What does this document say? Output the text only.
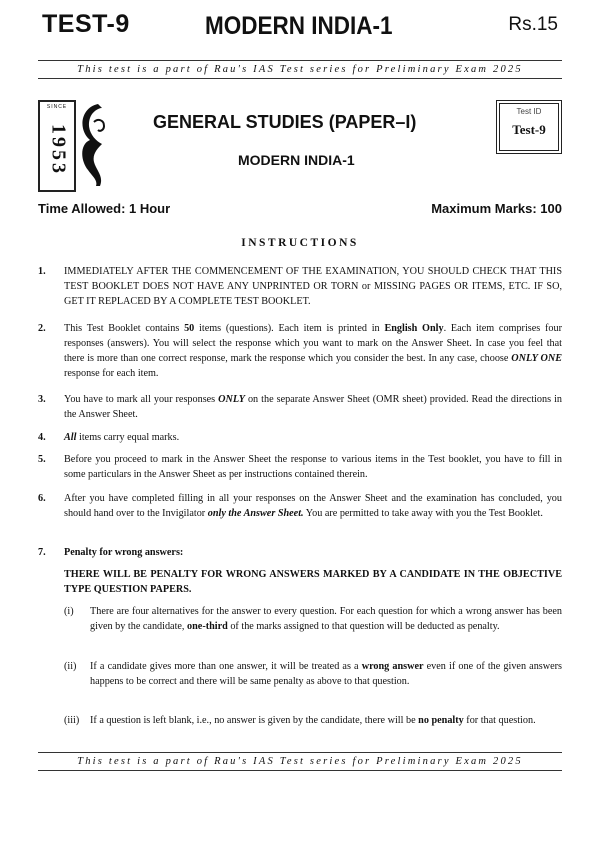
TEST-9	MODERN INDIA-1	Rs.15
This test is a part of Rau's IAS Test series for Preliminary Exam 2025
SINCE
1953
GENERAL STUDIES (PAPER–I)
MODERN INDIA-1
Test ID
Test-9
Time Allowed: 1 Hour	Maximum Marks: 100
INSTRUCTIONS
1. IMMEDIATELY AFTER THE COMMENCEMENT OF THE EXAMINATION, YOU SHOULD CHECK THAT THIS TEST BOOKLET DOES NOT HAVE ANY UNPRINTED OR TORN or MISSING PAGES OR ITEMS, ETC. IF SO, GET IT REPLACED BY A COMPLETE TEST BOOKLET.
2. This Test Booklet contains 50 items (questions). Each item is printed in English Only. Each item comprises four responses (answers). You will select the response which you want to mark on the Answer Sheet. In case you feel that there is more than one correct response, mark the response which you consider the best. In any case, choose ONLY ONE response for each item.
3. You have to mark all your responses ONLY on the separate Answer Sheet (OMR sheet) provided. Read the directions in the Answer Sheet.
4. All items carry equal marks.
5. Before you proceed to mark in the Answer Sheet the response to various items in the Test booklet, you have to fill in some particulars in the Answer Sheet as per instructions contained therein.
6. After you have completed filling in all your responses on the Answer Sheet and the examination has concluded, you should hand over to the Invigilator only the Answer Sheet. You are permitted to take away with you the Test Booklet.
7. Penalty for wrong answers:
THERE WILL BE PENALTY FOR WRONG ANSWERS MARKED BY A CANDIDATE IN THE OBJECTIVE TYPE QUESTION PAPERS.
(i) There are four alternatives for the answer to every question. For each question for which a wrong answer has been given by the candidate, one-third of the marks assigned to that question will be deducted as penalty.
(ii) If a candidate gives more than one answer, it will be treated as a wrong answer even if one of the given answers happens to be correct and there will be same penalty as above to that question.
(iii) If a question is left blank, i.e., no answer is given by the candidate, there will be no penalty for that question.
This test is a part of Rau's IAS Test series for Preliminary Exam 2025
